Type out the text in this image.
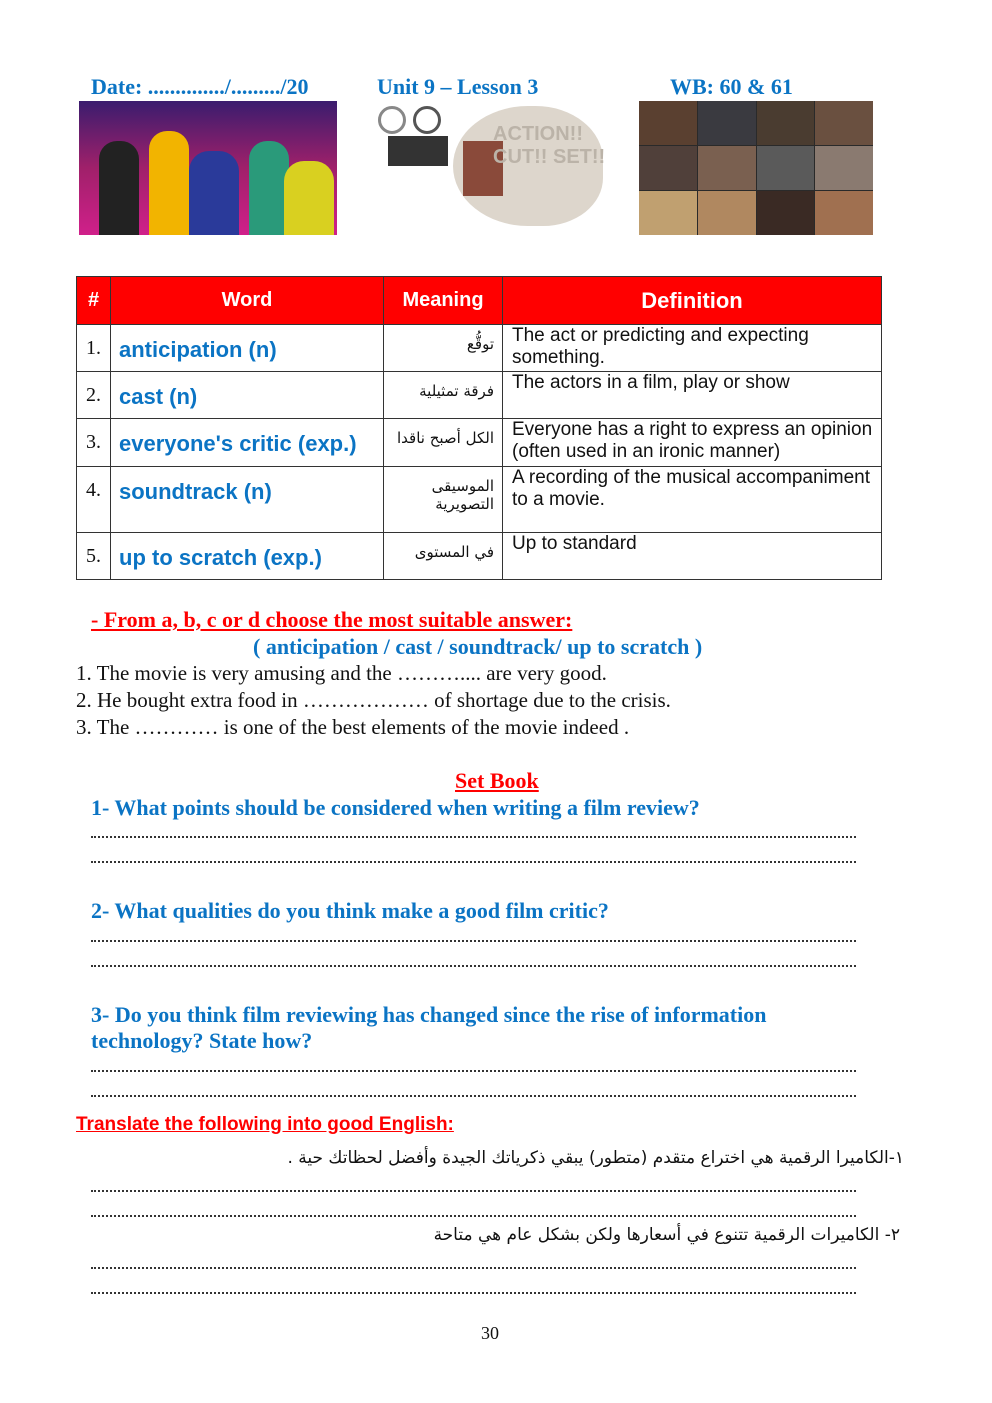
Date: ............../........./20	Unit 9 – Lesson 3	WB: 60 & 61
ACTION!! CUT!! SET!!
#	Word	Meaning	Definition
1.	anticipation (n)	توقُّع	The act or predicting and expecting something.
2.	cast (n)	فرقة تمثيلية	The actors in a film, play or show
3.	everyone's critic (exp.)	الكل أصبح ناقدا	Everyone has a right to express an opinion (often used in an ironic manner)
4.	soundtrack (n)	الموسيقى التصويرية	A recording of the musical accompaniment to a movie.
5.	up to scratch (exp.)	في المستوى	Up to standard
- From a, b, c or d choose the most suitable answer:
( anticipation / cast / soundtrack/ up to scratch )
1. The movie is very amusing and the ……….... are very good.
2. He bought extra food in ……………… of shortage due to the crisis.
3. The ………… is one of the best elements of the movie indeed .
Set Book
1- What points should be considered when writing a film review?
2- What qualities do you think make a good film critic?
3- Do you think film reviewing has changed since the rise of information technology? State how?
Translate the following into good English:
١-الكاميرا الرقمية هي اختراع متقدم (متطور) يبقي ذكرياتك الجيدة وأفضل لحظاتك حية .
٢- الكاميرات الرقمية تتنوع في أسعارها ولكن بشكل عام هي متاحة
30
